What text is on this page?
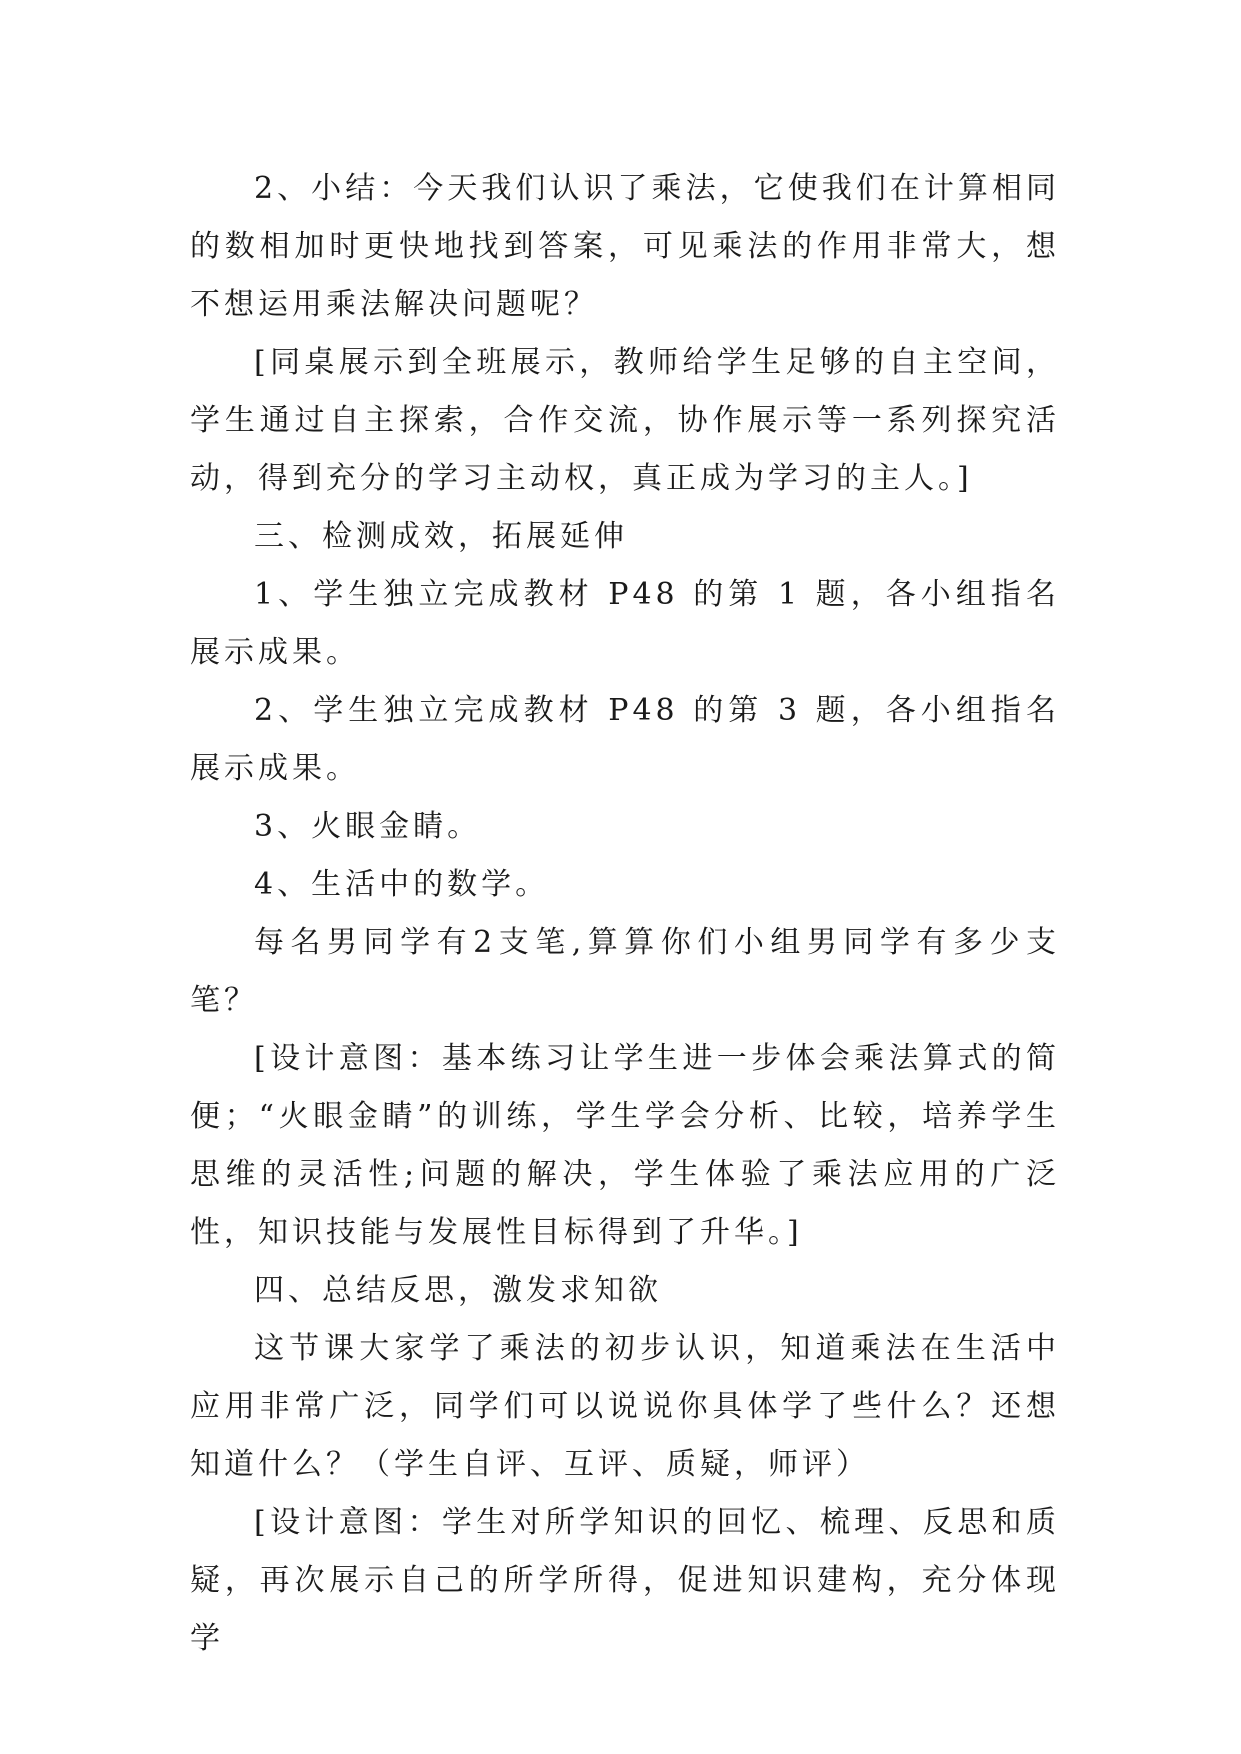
2、小结：今天我们认识了乘法，它使我们在计算相同的数相加时更快地找到答案，可见乘法的作用非常大，想不想运用乘法解决问题呢？

[同桌展示到全班展示，教师给学生足够的自主空间，学生通过自主探索，合作交流，协作展示等一系列探究活动，得到充分的学习主动权，真正成为学习的主人。]

三、检测成效，拓展延伸

1、学生独立完成教材 P48 的第 1 题，各小组指名展示成果。

2、学生独立完成教材 P48 的第 3 题，各小组指名展示成果。

3、火眼金睛。

4、生活中的数学。

每名男同学有2支笔,算算你们小组男同学有多少支笔？

[设计意图：基本练习让学生进一步体会乘法算式的简便；“火眼金睛”的训练，学生学会分析、比较，培养学生思维的灵活性;问题的解决，学生体验了乘法应用的广泛性，知识技能与发展性目标得到了升华。]

四、总结反思，激发求知欲

这节课大家学了乘法的初步认识，知道乘法在生活中应用非常广泛，同学们可以说说你具体学了些什么？还想知道什么？（学生自评、互评、质疑，师评）

[设计意图：学生对所学知识的回忆、梳理、反思和质疑，再次展示自己的所学所得，促进知识建构，充分体现学
